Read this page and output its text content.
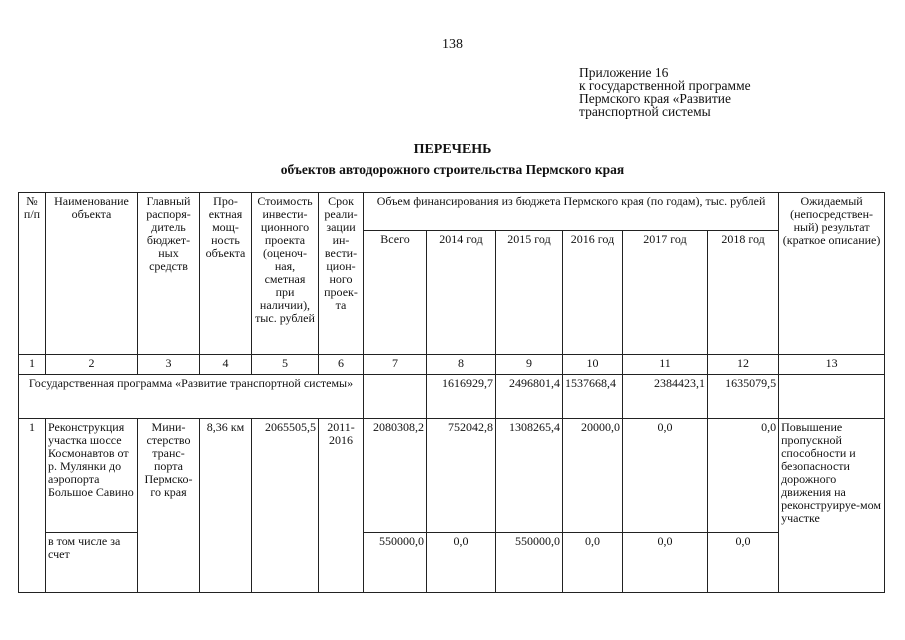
138
Приложение 16
к государственной программе
Пермского края «Развитие
транспортной системы
ПЕРЕЧЕНЬ
объектов автодорожного строительства Пермского края
№ п/п	Наименование объекта	Главный распоря-дитель бюджет-ных средств	Про-ектная мощ-ность объекта	Стоимость инвести-ционного проекта (оценоч-ная, сметная при наличии), тыс. рублей	Срок реали-зации ин-вести-цион-ного проек-та	Объем финансирования из бюджета Пермского края (по годам), тыс. рублей						Ожидаемый (непосредствен-ный) результат (краткое описание)
						Всего	2014 год	2015 год	2016 год	2017 год	2018 год	
1	2	3	4	5	6	7	8	9	10	11	12	13
Государственная программа «Развитие транспортной системы»							1616929,7	2496801,4	1537668,4	2384423,1	1635079,5	
1	Реконструкция участка шоссе Космонавтов от р. Мулянки до аэропорта Большое Савино	Мини-стерство транс-порта Пермско-го края	8,36 км	2065505,5	2011-2016	2080308,2	752042,8	1308265,4	20000,0	0,0	0,0	Повышение пропускной способности и безопасности дорожного движения на реконструируе-мом участке
	в том числе за счет					550000,0	0,0	550000,0	0,0	0,0	0,0	
